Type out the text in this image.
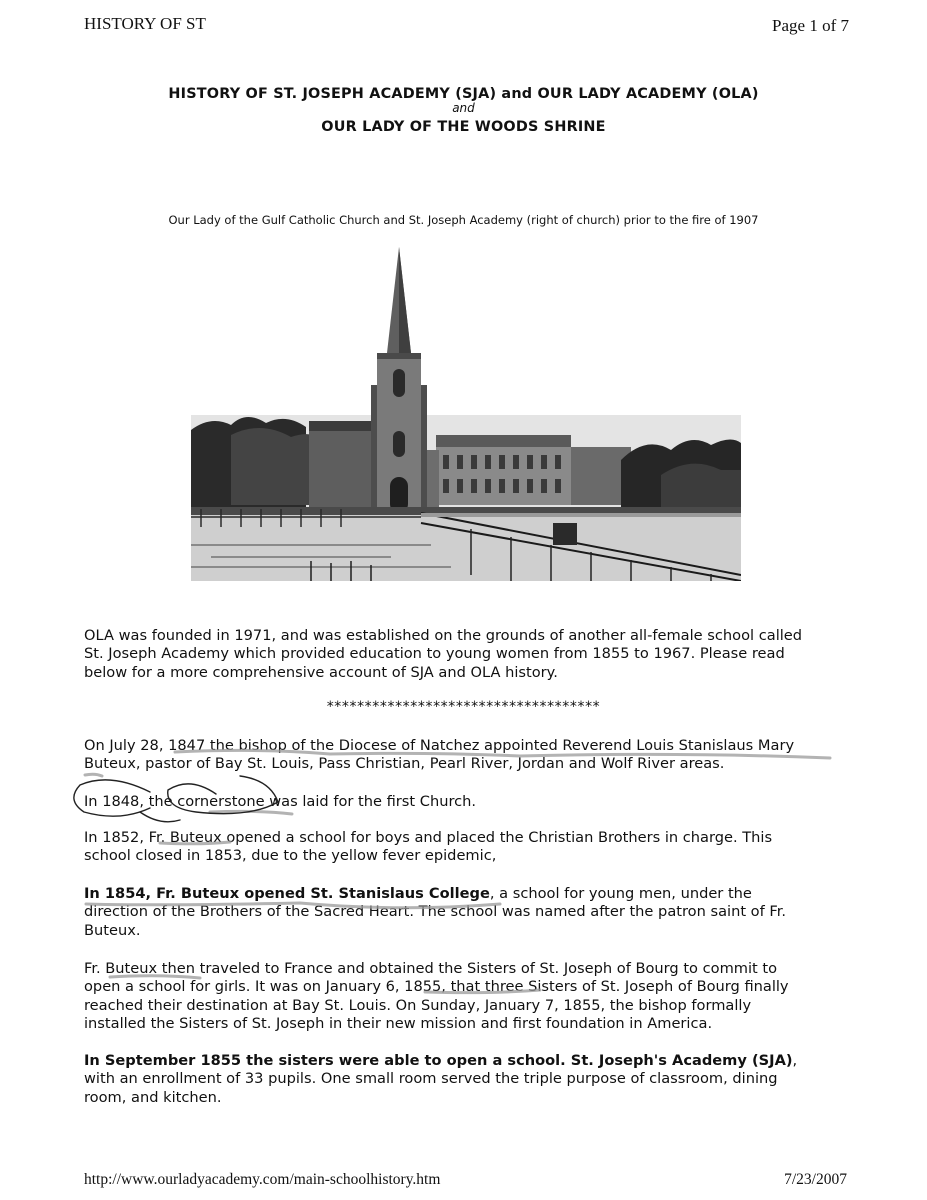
HISTORY OF ST	Page 1 of 7
HISTORY OF ST. JOSEPH ACADEMY (SJA) and OUR LADY ACADEMY (OLA)
and
OUR LADY OF THE WOODS SHRINE
Our Lady of the Gulf Catholic Church and St. Joseph Academy (right of church) prior to the fire of 1907
OLA was founded in 1971, and was established on the grounds of another all-female school called
St. Joseph Academy which provided education to young women from 1855 to 1967. Please read
below for a more comprehensive account of SJA and OLA history.
************************************
On July 28, 1847 the bishop of the Diocese of Natchez appointed Reverend Louis Stanislaus Mary
Buteux, pastor of Bay St. Louis, Pass Christian, Pearl River, Jordan and Wolf River areas.
In 1848, the cornerstone was laid for the first Church.
In 1852, Fr. Buteux opened a school for boys and placed the Christian Brothers in charge. This
school closed in 1853, due to the yellow fever epidemic,
In 1854, Fr. Buteux opened St. Stanislaus College, a school for young men, under the
direction of the Brothers of the Sacred Heart. The school was named after the patron saint of Fr.
Buteux.
Fr. Buteux then traveled to France and obtained the Sisters of St. Joseph of Bourg to commit to
open a school for girls. It was on January 6, 1855, that three Sisters of St. Joseph of Bourg finally
reached their destination at Bay St. Louis. On Sunday, January 7, 1855, the bishop formally
installed the Sisters of St. Joseph in their new mission and first foundation in America.
In September 1855 the sisters were able to open a school. St. Joseph's Academy (SJA),
with an enrollment of 33 pupils. One small room served the triple purpose of classroom, dining
room, and kitchen.
http://www.ourladyacademy.com/main-schoolhistory.htm	7/23/2007
